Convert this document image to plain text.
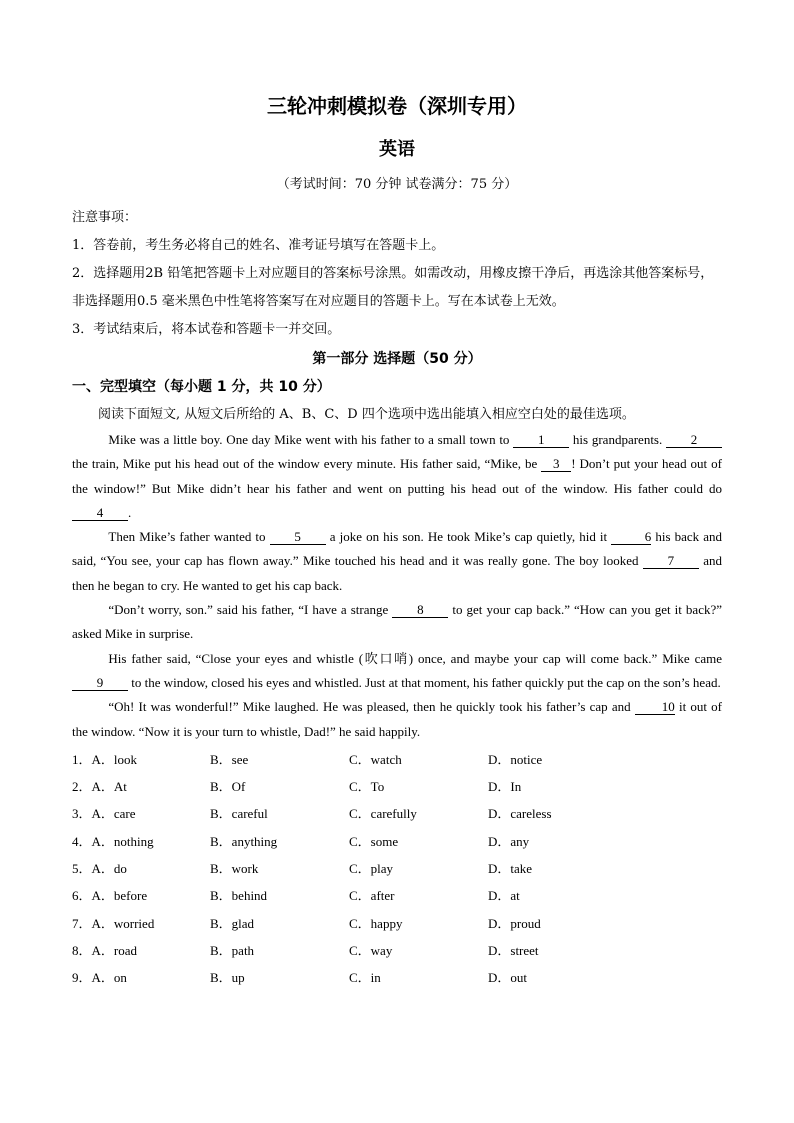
三轮冲刺模拟卷（深圳专用）
英语
（考试时间：70 分钟 试卷满分：75 分）
注意事项：
1．答卷前，考生务必将自己的姓名、准考证号填写在答题卡上。
2．选择题用2B 铅笔把答题卡上对应题目的答案标号涂黑。如需改动，用橡皮擦干净后，再选涂其他答案标号，非选择题用0.5 毫米黑色中性笔将答案写在对应题目的答题卡上。写在本试卷上无效。
3．考试结束后，将本试卷和答题卡一并交回。
第一部分 选择题（50 分）
一、完型填空（每小题 1 分，共 10 分）
阅读下面短文, 从短文后所给的 A、B、C、D 四个选项中选出能填入相应空白处的最佳选项。

Mike was a little boy. One day Mike went with his father to a small town to 1 his grandparents. 2 the train, Mike put his head out of the window every minute. His father said, “Mike, be 3 ! Don’t put your head out of the window!” But Mike didn’t hear his father and went on putting his head out of the window. His father could do 4 .

Then Mike’s father wanted to 5 a joke on his son. He took Mike’s cap quietly, hid it	6 his back and said, “You see, your cap has flown away.” Mike touched his head and it was really gone. The boy looked 7 and then he began to cry. He wanted to get his cap back.

“Don’t worry, son.” said his father, “I have a strange 8 to get your cap back.” “How can you get it back?” asked Mike in surprise.

His father said, “Close your eyes and whistle (吹口哨) once, and maybe your cap will come back.” Mike came 9 to the window, closed his eyes and whistled. Just at that moment, his father quickly put the cap on the son’s head.

“Oh! It was wonderful!” Mike laughed. He was pleased, then he quickly took his father’s cap and 10 it out of the window. “Now it is your turn to whistle, Dad!” he said happily.

1．A．look	B．see	C．watch	D．notice
2．A．At	B．Of	C．To	D．In
3．A．care	B．careful	C．carefully	D．careless
4．A．nothing	B．anything	C．some	D．any
5．A．do	B．work	C．play	D．take
6．A．before	B．behind	C．after	D．at
7．A．worried	B．glad	C．happy	D．proud
8．A．road	B．path	C．way	D．street
9．A．on	B．up	C．in	D．out
